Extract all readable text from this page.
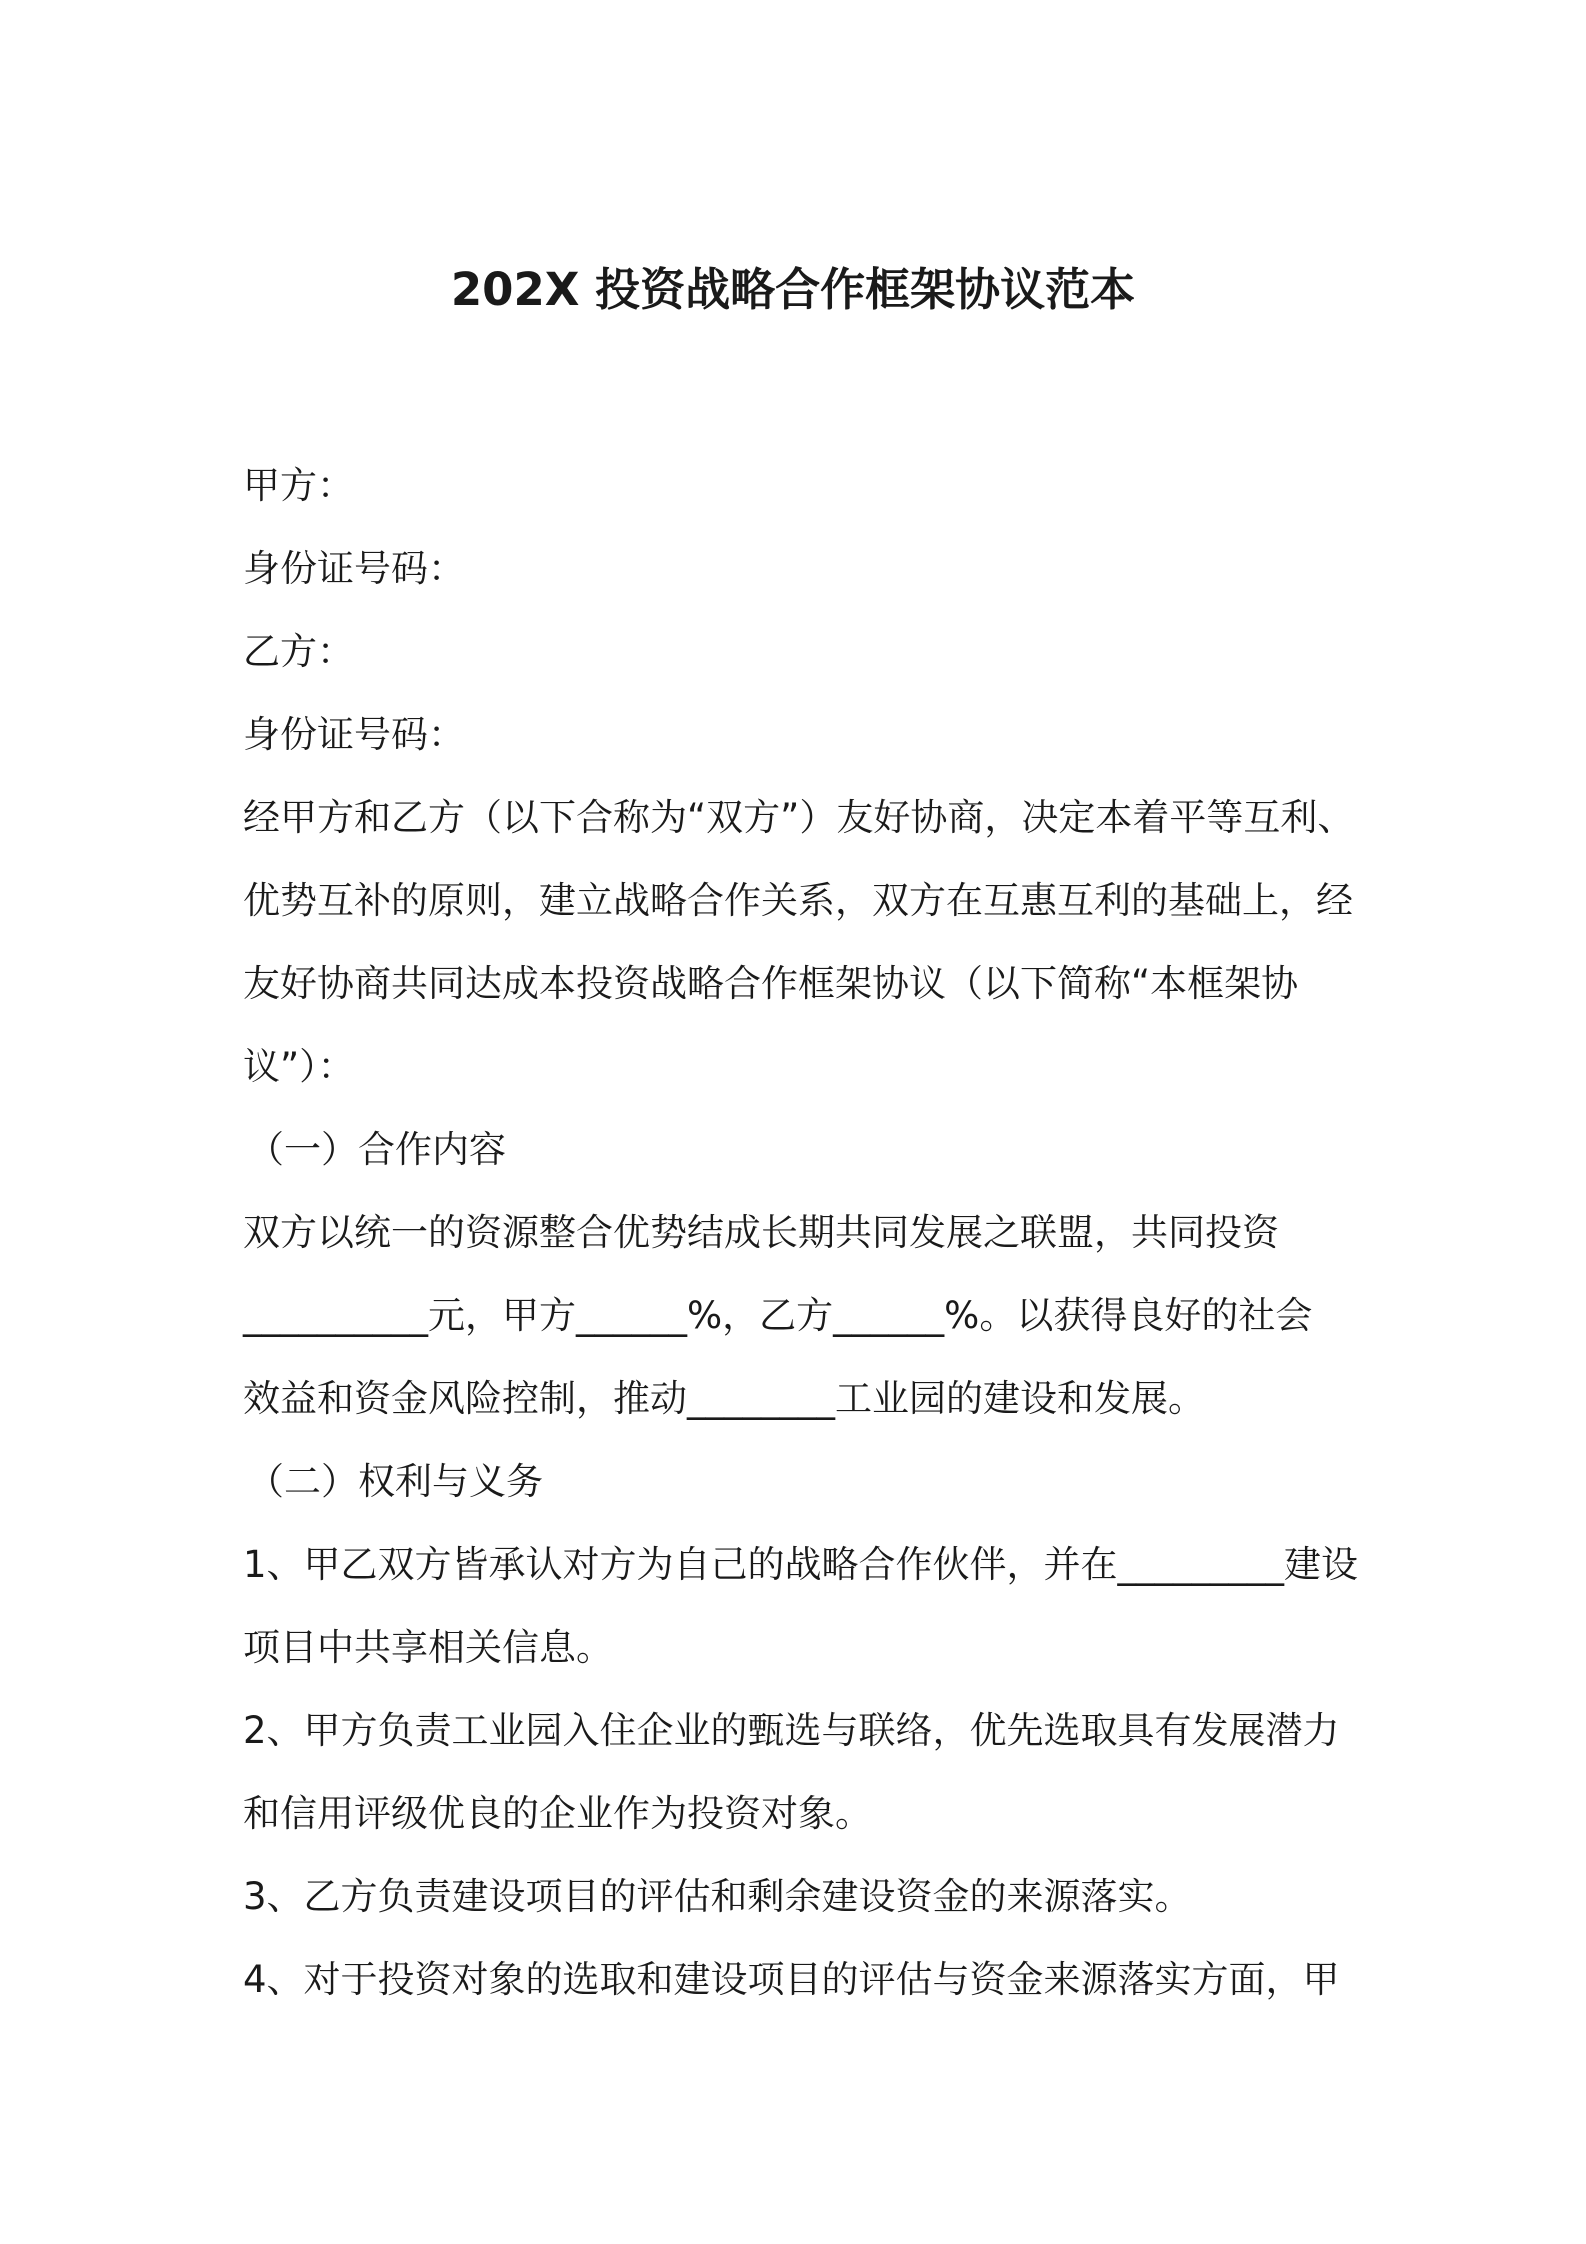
202X 投资战略合作框架协议范本
甲方：
身份证号码：
乙方：
身份证号码：
经甲方和乙方（以下合称为“双方”）友好协商，决定本着平等互利、
优势互补的原则，建立战略合作关系，双方在互惠互利的基础上，经
友好协商共同达成本投资战略合作框架协议（以下简称“本框架协
议”）：
（一）合作内容
双方以统一的资源整合优势结成长期共同发展之联盟，共同投资
__________元，甲方______%，乙方______%。以获得良好的社会
效益和资金风险控制，推动________工业园的建设和发展。
（二）权利与义务
1、甲乙双方皆承认对方为自己的战略合作伙伴，并在_________建设
项目中共享相关信息。
2、甲方负责工业园入住企业的甄选与联络，优先选取具有发展潜力
和信用评级优良的企业作为投资对象。
3、乙方负责建设项目的评估和剩余建设资金的来源落实。
4、对于投资对象的选取和建设项目的评估与资金来源落实方面，甲
